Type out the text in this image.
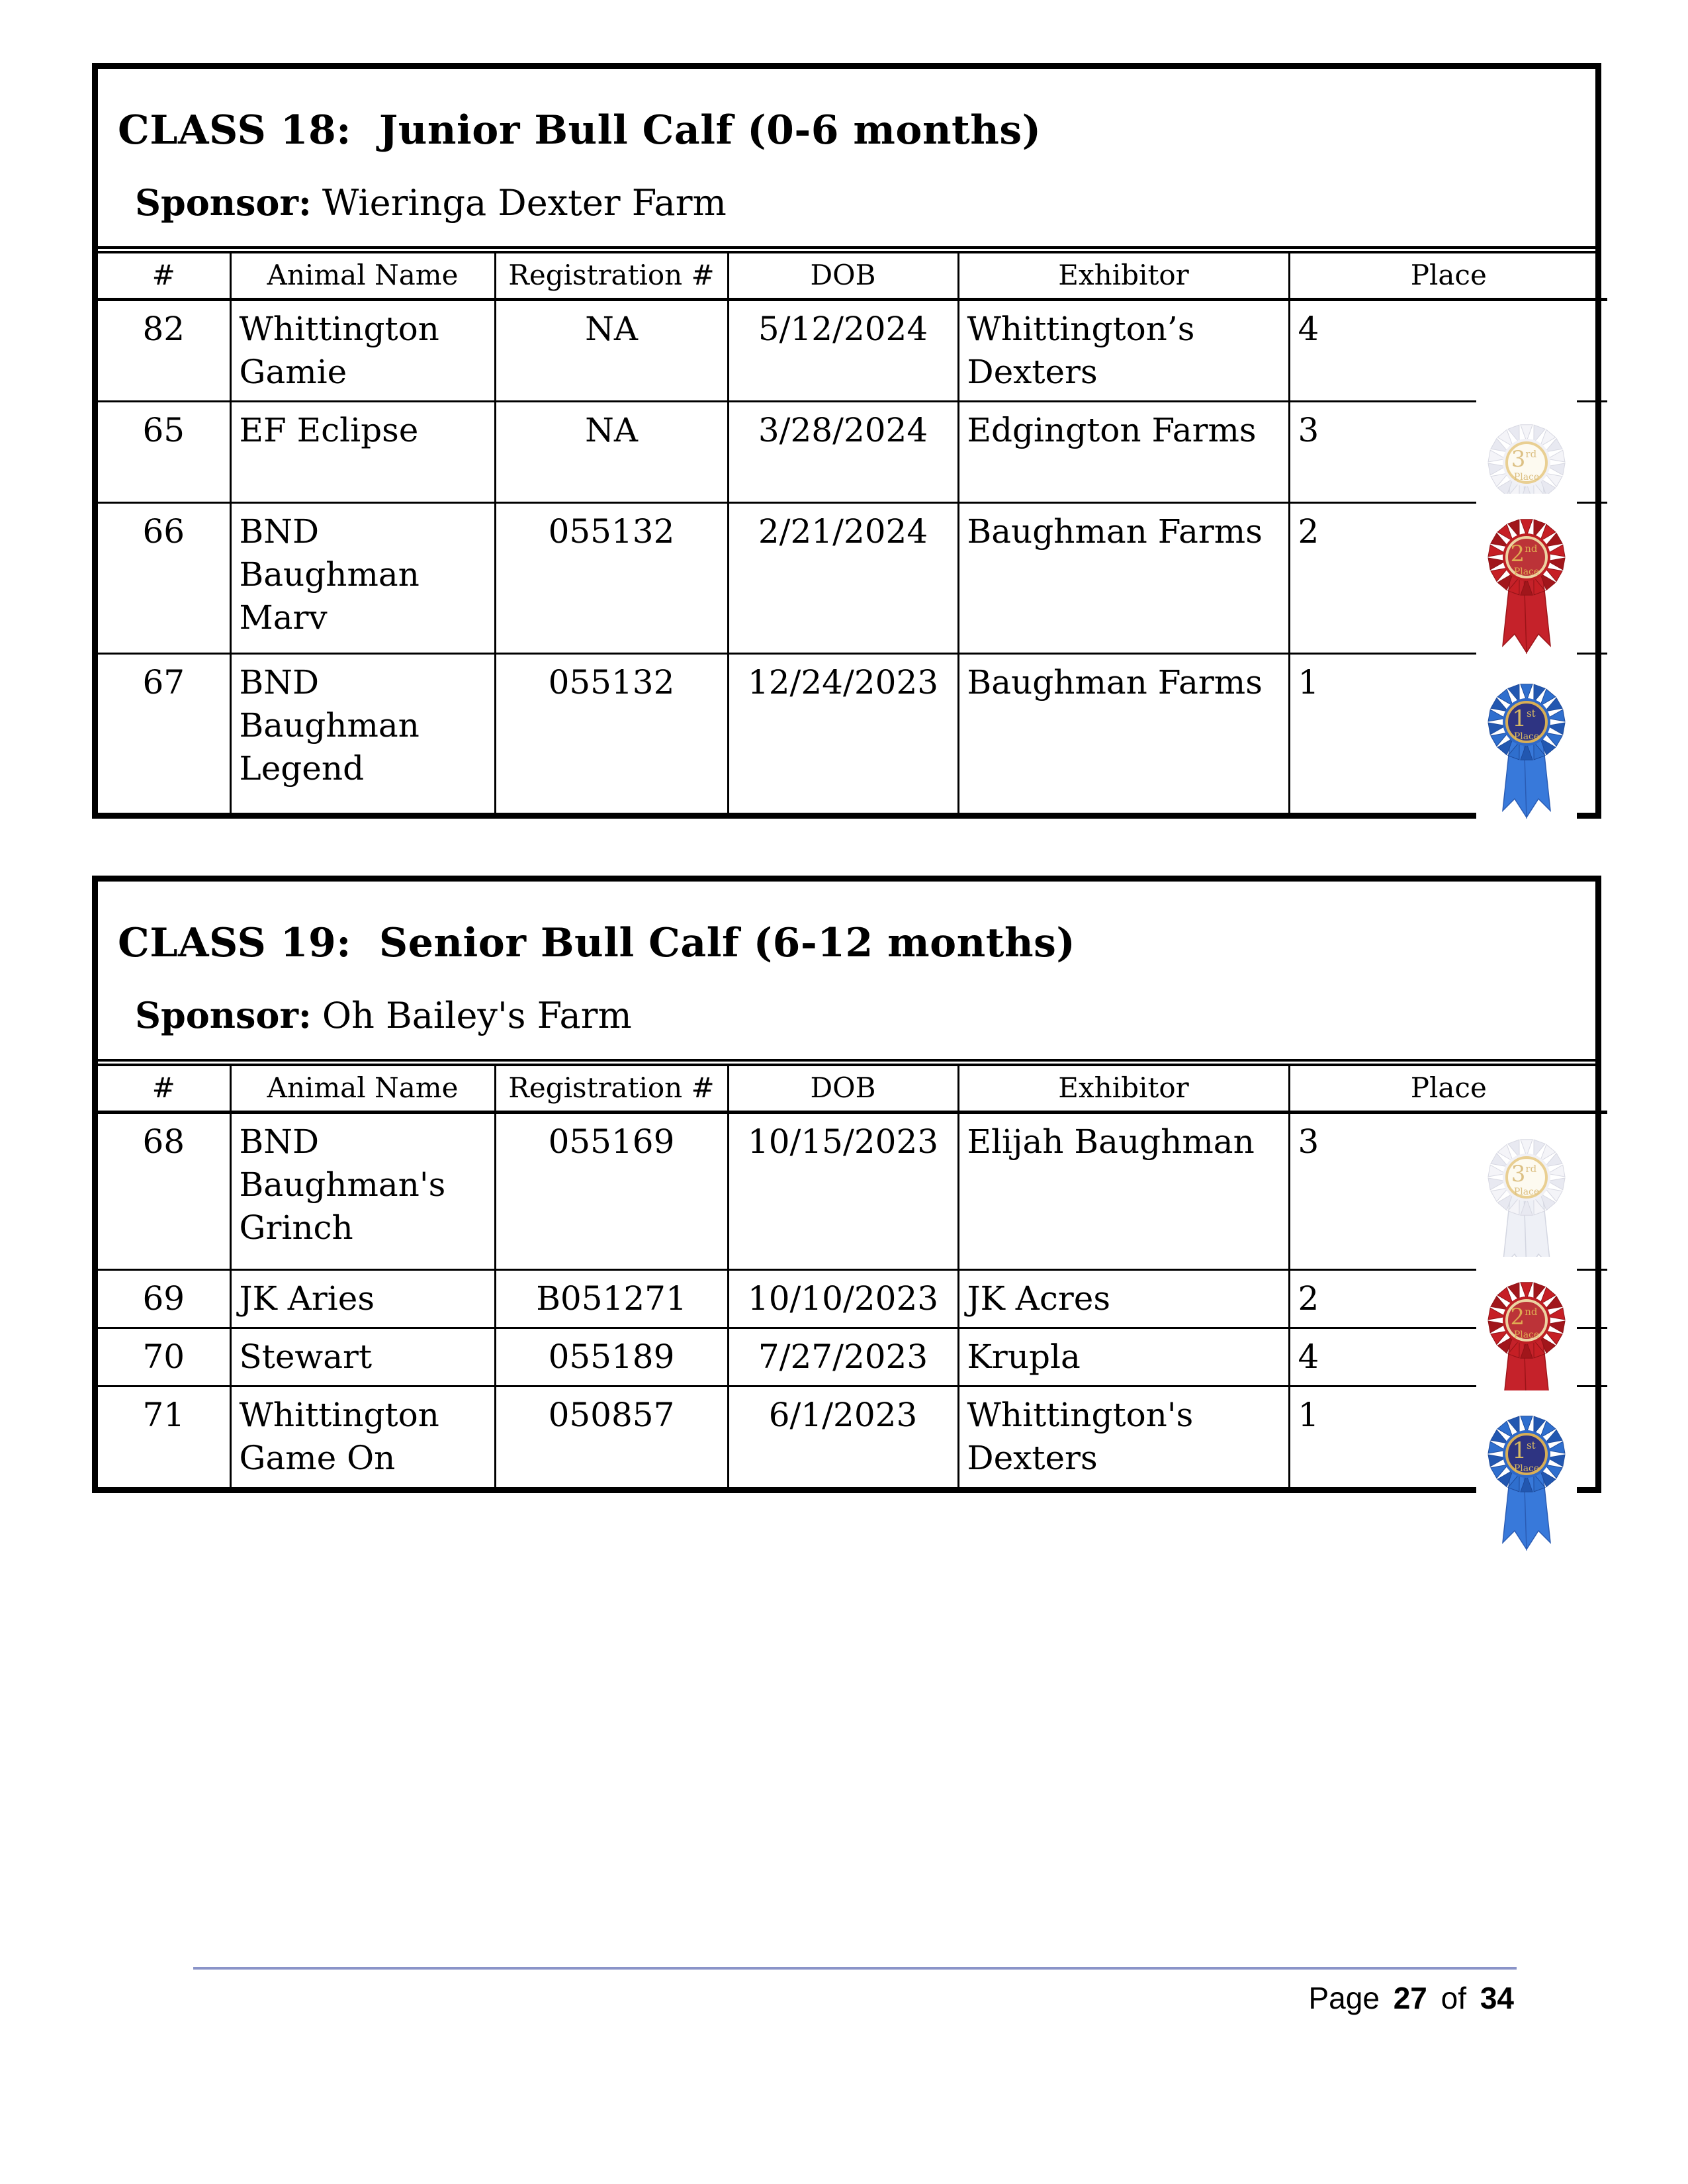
CLASS 18: Junior Bull Calf (0-6 months)
Sponsor: Wieringa Dexter Farm
#	Animal Name	Registration #	DOB	Exhibitor	Place
82	Whittington Gamie	NA	5/12/2024	Whittington’s Dexters	4
65	EF Eclipse	NA	3/28/2024	Edgington Farms	3
3rd
Place

66	BND Baughman Marv	055132	2/21/2024	Baughman Farms	2
2nd
Place

67	BND Baughman Legend	055132	12/24/2023	Baughman Farms	1
1st
Place
CLASS 19: Senior Bull Calf (6-12 months)
Sponsor: Oh Bailey's Farm
#	Animal Name	Registration #	DOB	Exhibitor	Place
68	BND Baughman's Grinch	055169	10/15/2023	Elijah Baughman	3
3rd
Place

69	JK Aries	B051271	10/10/2023	JK Acres	2 2nd
Place

70	Stewart	055189	7/27/2023	Krupla	4
71	Whittington Game On	050857	6/1/2023	Whittington's Dexters	1
1st
Place
Page 27 of 34
